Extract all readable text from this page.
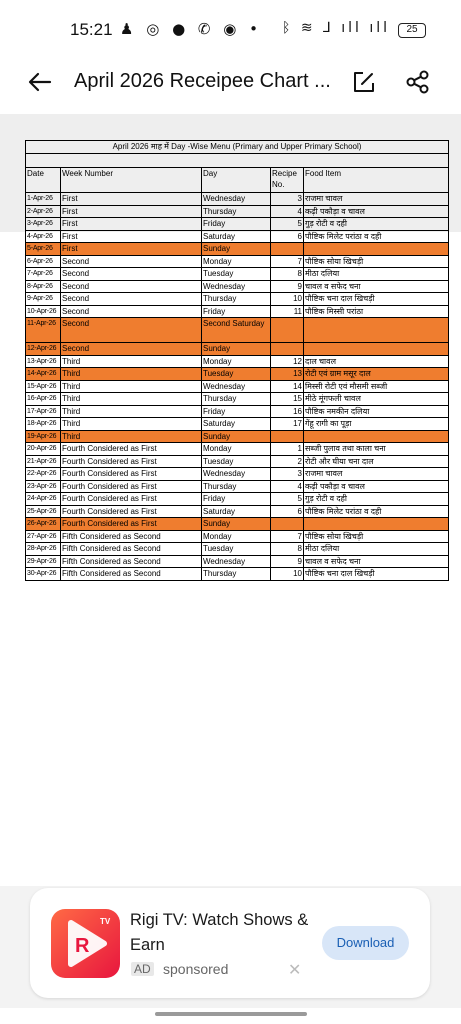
15:21 ♟ ◎ ● ✆ ◉ • ᛒ ≋ ⅃ ıll ıll	25
April 2026 Receipee Chart ...
April 2026 माह में Day -Wise Menu (Primary and Upper Primary School)				

Date	Week Number	Day	Recipe No.	Food Item
1-Apr-26	First	Wednesday	3	राजमा चावल
2-Apr-26	First	Thursday	4	कढ़ी पकौड़ा व चावल
3-Apr-26	First	Friday	5	गुड़ रोटी व दही
4-Apr-26	First	Saturday	6	पौष्टिक मिलेट परांठा व दही
5-Apr-26	First	Sunday		
6-Apr-26	Second	Monday	7	पौष्टिक सोया खिचड़ी
7-Apr-26	Second	Tuesday	8	मीठा दलिया
8-Apr-26	Second	Wednesday	9	चावल व सफेद चना
9-Apr-26	Second	Thursday	10	पौष्टिक चना दाल खिचड़ी
10-Apr-26	Second	Friday	11	पौष्टिक मिस्सी परांठा
11-Apr-26	Second	Second Saturday		
12-Apr-26	Second	Sunday		
13-Apr-26	Third	Monday	12	दाल चावल
14-Apr-26	Third	Tuesday	13	रोटी एवं ग्राम मसूर दाल
15-Apr-26	Third	Wednesday	14	मिस्सी रोटी एवं मौसमी सब्जी
16-Apr-26	Third	Thursday	15	मीठे मूंगफली चावल
17-Apr-26	Third	Friday	16	पौष्टिक नमकीन दलिया
18-Apr-26	Third	Saturday	17	गेंहू रागी का पूड़ा
19-Apr-26	Third	Sunday		
20-Apr-26	Fourth Considered as First	Monday	1	सब्जी पुलाव तथा काला चना
21-Apr-26	Fourth Considered as First	Tuesday	2	रोटी और घीया चना दाल
22-Apr-26	Fourth Considered as First	Wednesday	3	राजमा चावल
23-Apr-26	Fourth Considered as First	Thursday	4	कढ़ी पकौड़ा व चावल
24-Apr-26	Fourth Considered as First	Friday	5	गुड़ रोटी व दही
25-Apr-26	Fourth Considered as First	Saturday	6	पौष्टिक मिलेट परांठा व दही
26-Apr-26	Fourth Considered as First	Sunday		
27-Apr-26	Fifth Considered as Second	Monday	7	पौष्टिक सोया खिचड़ी
28-Apr-26	Fifth Considered as Second	Tuesday	8	मीठा दलिया
29-Apr-26	Fifth Considered as Second	Wednesday	9	चावल व सफेद चना
30-Apr-26	Fifth Considered as Second	Thursday	10	पौष्टिक चना दाल खिचड़ी
R
TV Rigi TV: Watch Shows & Earn
AD sponsored	✕
Download
